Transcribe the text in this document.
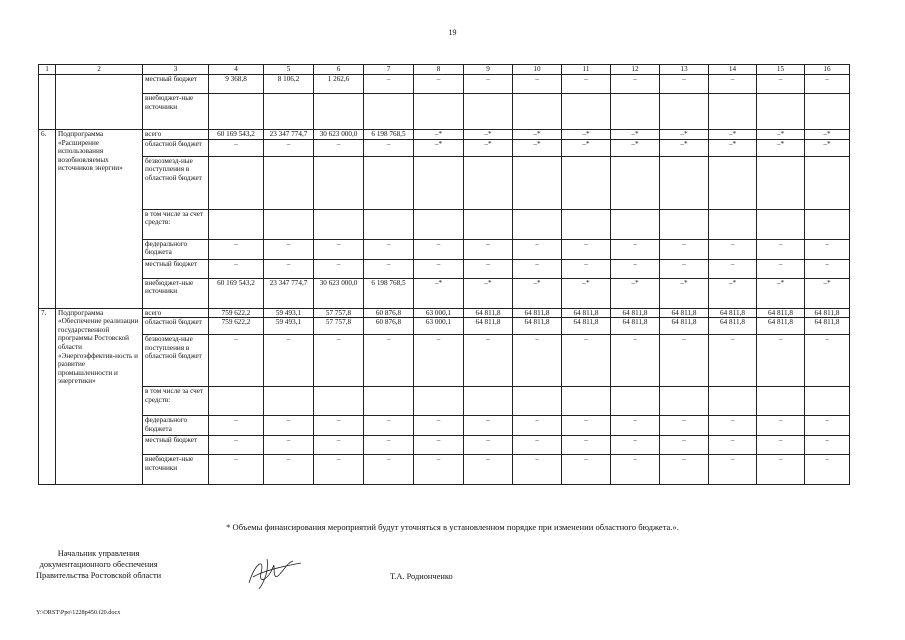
19
1	2	3	4	5	6	7	8	9	10	11	12	13	14	15	16
		местный бюджет	9 368,8	8 106,2	1 262,6	–	–	–	–	–	–	–	–	–	–
		внебюджет-ные источники													
6.	Подпрограмма «Расширение использования возобновляемых источников энергии»	всего	60 169 543,2	23 347 774,7	30 623 000,0	6 198 768,5	–*	–*	–*	–*	–*	–*	–*	–*	–*
		областной бюджет	–	–	–	–	–*	–*	–*	–*	–*	–*	–*	–*	–*
		безвозмезд-ные поступления в областной бюджет													
		в том числе за счет средств:													
		федерального бюджета	–	–	–	–	–	–	–	–	–	–	–	–	–
		местный бюджет	–	–	–	–	–	–	–	–	–	–	–	–	–
		внебюджет-ные источники	60 169 543,2	23 347 774,7	30 623 000,0	6 198 768,5	–*	–*	–*	–*	–*	–*	–*	–*	–*
7.	Подпрограмма «Обеспечение реализации государственной программы Ростовской области «Энергоэффектив-ность и развитие промышленности и энергетики»	всего	759 622,2	59 493,1	57 757,8	60 876,8	63 000,1	64 811,8	64 811,8	64 811,8	64 811,8	64 811,8	64 811,8	64 811,8	64 811,8
		областной бюджет	759 622,2	59 493,1	57 757,8	60 876,8	63 000,1	64 811,8	64 811,8	64 811,8	64 811,8	64 811,8	64 811,8	64 811,8	64 811,8
		безвозмезд-ные поступления в областной бюджет	–	–	–	–	–	–	–	–	–	–	–	–	–
		в том числе за счет средств:													
		федерального бюджета	–	–	–	–	–	–	–	–	–	–	–	–	–
		местный бюджет	–	–	–	–	–	–	–	–	–	–	–	–	–
		внебюджет-ные источники	–	–	–	–	–	–	–	–	–	–	–	–	–
* Объемы финансирования мероприятий будут уточняться в установленном порядке при изменении областного бюджета.».
Начальник управления
документационного обеспечения
Правительства Ростовской области	Т.А. Родионченко
Y:\ORST\Ppo\1228p450.f20.docx
